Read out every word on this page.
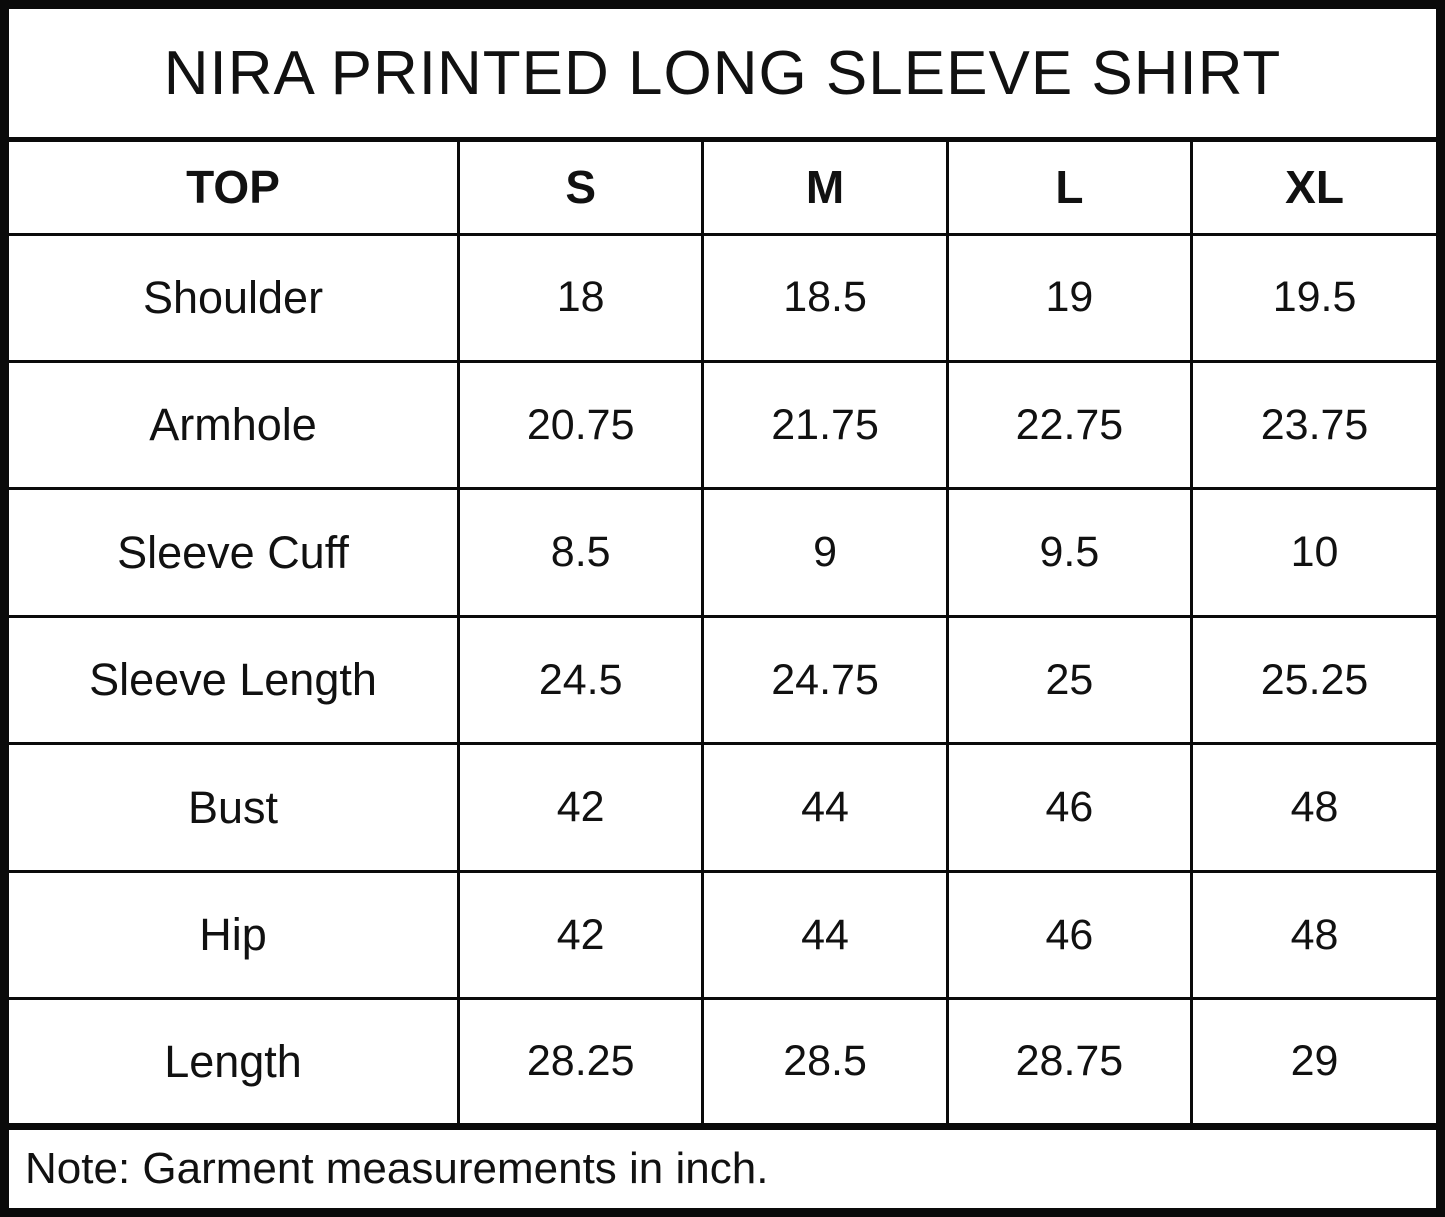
NIRA PRINTED LONG SLEEVE SHIRT
TOP	S	M	L	XL
Shoulder	18	18.5	19	19.5
Armhole	20.75	21.75	22.75	23.75
Sleeve Cuff	8.5	9	9.5	10
Sleeve Length	24.5	24.75	25	25.25
Bust	42	44	46	48
Hip	42	44	46	48
Length	28.25	28.5	28.75	29
Note: Garment measurements in inch.
